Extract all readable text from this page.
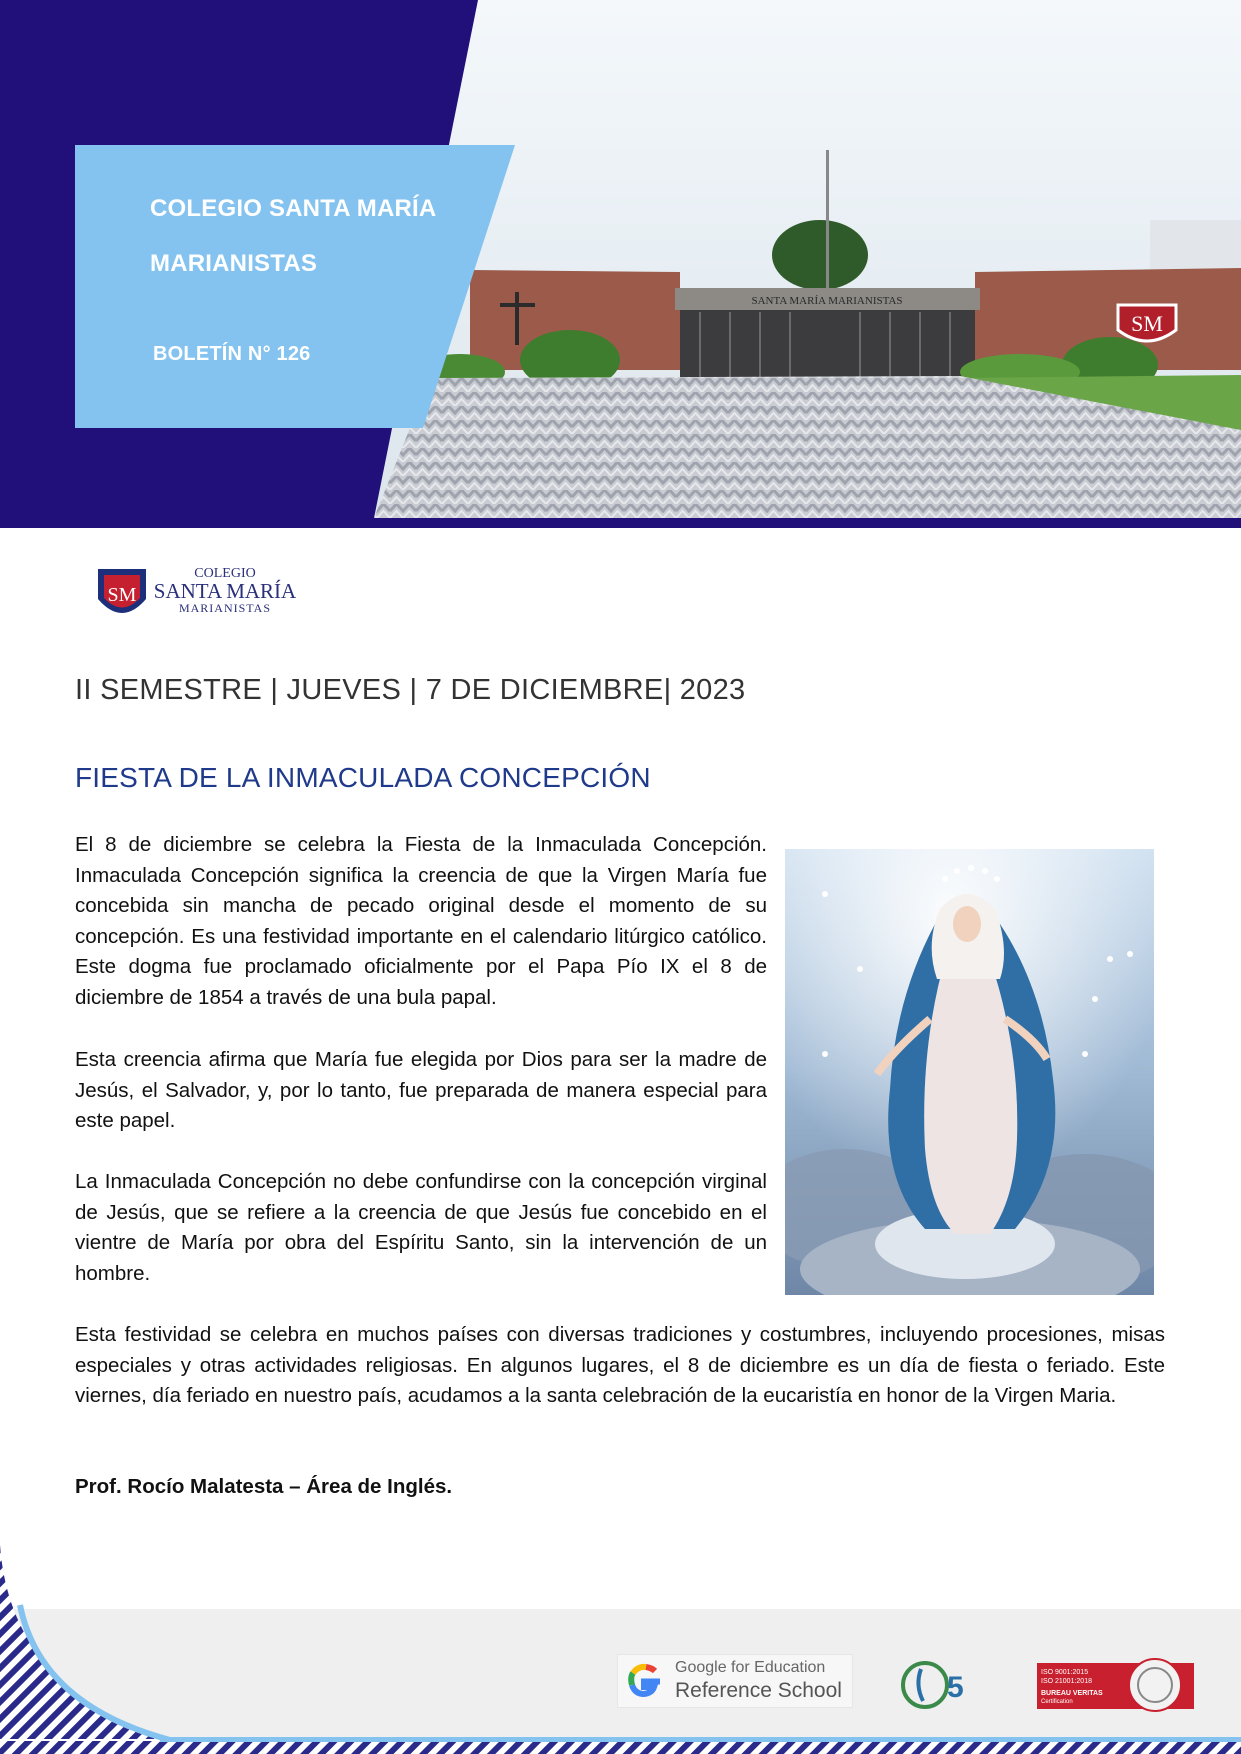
SM
SANTA MARÍA MARIANISTAS
COLEGIO SANTA MARÍA
MARIANISTAS
BOLETÍN N° 126
SM
COLEGIO
SANTA MARÍA
MARIANISTAS
II SEMESTRE | JUEVES | 7 DE DICIEMBRE| 2023
FIESTA DE LA INMACULADA CONCEPCIÓN

El 8 de diciembre se celebra la Fiesta de la Inmaculada Concepción. Inmaculada Concepción significa la creencia de que la Virgen María fue concebida sin mancha de pecado original desde el momento de su concepción. Es una festividad importante en el calendario litúrgico católico. Este dogma fue proclamado oficialmente por el Papa Pío IX el 8 de diciembre de 1854 a través de una bula papal.

Esta creencia afirma que María fue elegida por Dios para ser la madre de Jesús, el Salvador, y, por lo tanto, fue preparada de manera especial para este papel.

La Inmaculada Concepción no debe confundirse con la concepción virginal de Jesús, que se refiere a la creencia de que Jesús fue concebido en el vientre de María por obra del Espíritu Santo, sin la intervención de un hombre.

Esta festividad se celebra en muchos países con diversas tradiciones y costumbres, incluyendo procesiones, misas especiales y otras actividades religiosas. En algunos lugares, el 8 de diciembre es un día de fiesta o feriado. Este viernes, día feriado en nuestro país, acudamos a la santa celebración de la eucaristía en honor de la Virgen Maria.

Prof. Rocío Malatesta – Área de Inglés.
Google for Education
Reference School	5	ISO 9001:2015
ISO 21001:2018
BUREAU VERITAS
Certification
